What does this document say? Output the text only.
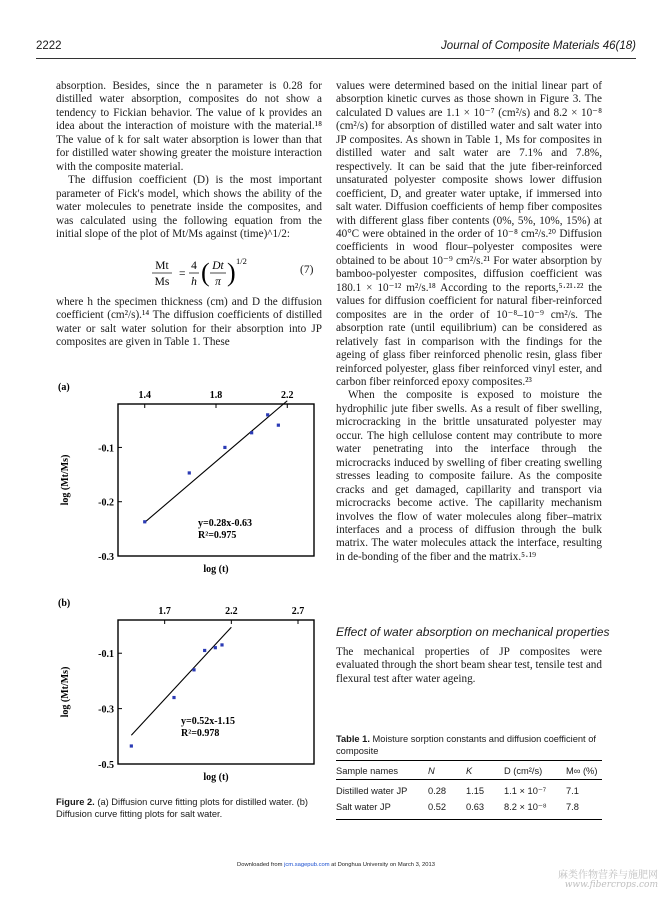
2222	Journal of Composite Materials 46(18)

absorption. Besides, since the n parameter is 0.28 for distilled water absorption, composites do not show a tendency to Fickian behavior. The value of k provides an idea about the interaction of moisture with the material.¹⁸ The value of k for salt water absorption is lower than that for distilled water showing greater the moisture interaction with the composite material.

The diffusion coefficient (D) is the most important parameter of Fick's model, which shows the ability of the water molecules to penetrate inside the composites, and was calculated using the following equation from the initial slope of the plot of Mt/Ms against (time)^1/2:

Mt
Ms
=
4
h ( Dt
π ) 1/2
(7)

where h the specimen thickness (cm) and D the diffusion coefficient (cm²/s).¹⁴ The diffusion coefficients of distilled water or salt water solution for their absorption into JP composites are given in Table 1. These

(a)
1.4	1.8	2.2
-0.1
-0.2
-0.3
log (t)
log (Mt/Ms)
y=0.28x-0.63
R²=0.975
(b)
1.7	2.2	2.7
-0.1
-0.3
-0.5
log (t)
log (Mt/Ms)
y=0.52x-1.15
R²=0.978
Figure 2. (a) Diffusion curve fitting plots for distilled water. (b) Diffusion curve fitting plots for salt water.

values were determined based on the initial linear part of absorption kinetic curves as those shown in Figure 3. The calculated D values are 1.1 × 10⁻⁷ (cm²/s) and 8.2 × 10⁻⁸ (cm²/s) for absorption of distilled water and salt water into JP composites. As shown in Table 1, Ms for composites in distilled water and salt water are 7.1% and 7.8%, respectively. It can be said that the jute fiber-reinforced unsaturated polyester composite shows lower diffusion coefficient, D, and greater water uptake, if immersed into salt water. Diffusion coefficients of hemp fiber composites with different glass fiber contents (0%, 5%, 10%, 15%) at 40°C were obtained in the order of 10⁻⁸ cm²/s.²⁰ Diffusion coefficients in wood flour–polyester composites were obtained to be about 10⁻⁹ cm²/s.²¹ For water absorption by bamboo-polyester composites, diffusion coefficient was 180.1 × 10⁻¹² m²/s.¹⁸ According to the reports,⁵·²¹·²² the values for diffusion coefficient for natural fiber-reinforced composites are in the order of 10⁻⁸–10⁻⁹ cm²/s. The absorption rate (until equilibrium) can be considered as relatively fast in comparison with the findings for the ageing of glass fiber reinforced phenolic resin, glass fiber reinforced polyester, glass fiber reinforced vinyl ester, and carbon fiber reinforced epoxy composites.²³

When the composite is exposed to moisture the hydrophilic jute fiber swells. As a result of fiber swelling, microcracking in the brittle unsaturated polyester may occur. The high cellulose content may contribute to more water penetrating into the interface through the microcracks induced by swelling of fiber creating swelling stresses leading to composite failure. As the composite cracks and get damaged, capillarity and transport via microcracks become active. The capillarity mechanism involves the flow of water molecules along fiber–matrix interfaces and a process of diffusion through the bulk matrix. The water molecules attack the interface, resulting in de-bonding of the fiber and the matrix.⁵·¹⁹

Effect of water absorption on mechanical properties

The mechanical properties of JP composites were evaluated through the short beam shear test, tensile test and flexural test after water ageing.

Table 1. Moisture sorption constants and diffusion coefficient of composite
Sample names	N	K	D (cm²/s)	M∞ (%)

Distilled water JP	0.28	1.15	1.1 × 10⁻⁷	7.1
Salt water JP	0.52	0.63	8.2 × 10⁻⁸	7.8
Downloaded from jcm.sagepub.com at Donghua University on March 3, 2013
麻类作物营养与施肥网
www.fibercrops.com
